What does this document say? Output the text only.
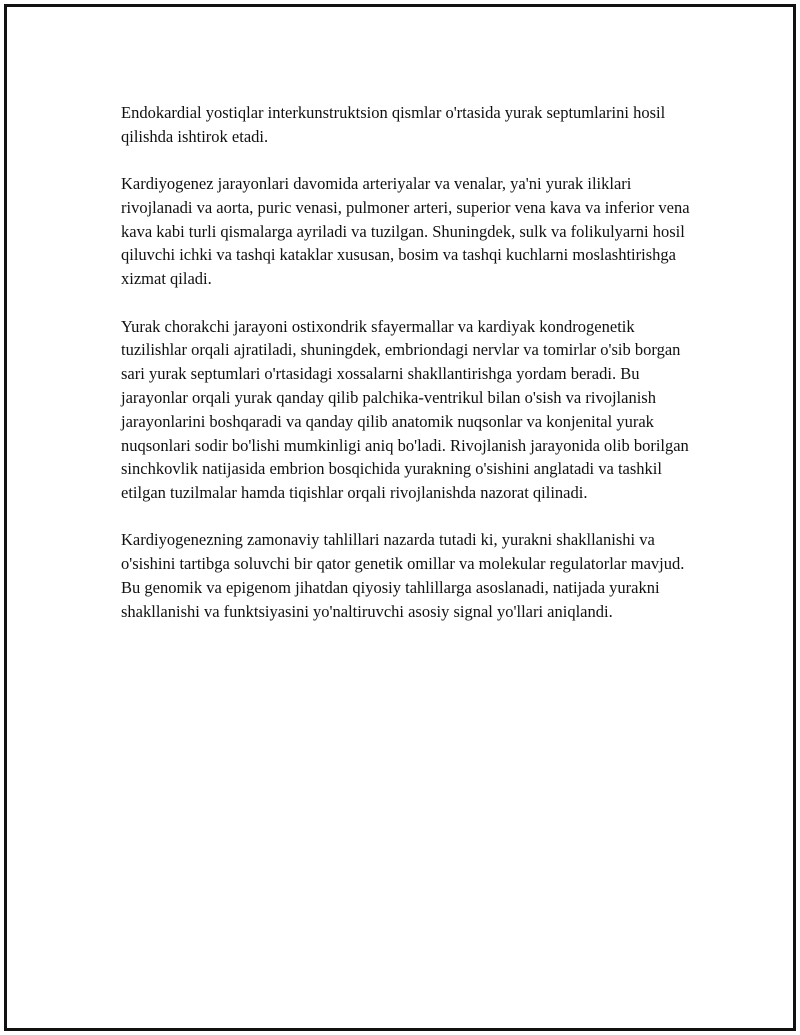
Endokardial yostiqlar interkunstruktsion qismlar o'rtasida yurak septumlarini hosil qilishda ishtirok etadi.

Kardiyogenez jarayonlari davomida arteriyalar va venalar, ya'ni yurak iliklari rivojlanadi va aorta, puric venasi, pulmoner arteri, superior vena kava va inferior vena kava kabi turli qismalarga ayriladi va tuzilgan. Shuningdek, sulk va folikulyarni hosil qiluvchi ichki va tashqi kataklar xususan, bosim va tashqi kuchlarni moslashtirishga xizmat qiladi.

Yurak chorakchi jarayoni ostixondrik sfayermallar va kardiyak kondrogenetik tuzilishlar orqali ajratiladi, shuningdek, embriondagi nervlar va tomirlar o'sib borgan sari yurak septumlari o'rtasidagi xossalarni shakllantirishga yordam beradi. Bu jarayonlar orqali yurak qanday qilib palchika-ventrikul bilan o'sish va rivojlanish jarayonlarini boshqaradi va qanday qilib anatomik nuqsonlar va konjenital yurak nuqsonlari sodir bo'lishi mumkinligi aniq bo'ladi. Rivojlanish jarayonida olib borilgan sinchkovlik natijasida embrion bosqichida yurakning o'sishini anglatadi va tashkil etilgan tuzilmalar hamda tiqishlar orqali rivojlanishda nazorat qilinadi.

Kardiyogenezning zamonaviy tahlillari nazarda tutadi ki, yurakni shakllanishi va o'sishini tartibga soluvchi bir qator genetik omillar va molekular regulatorlar mavjud. Bu genomik va epigenom jihatdan qiyosiy tahlillarga asoslanadi, natijada yurakni shakllanishi va funktsiyasini yo'naltiruvchi asosiy signal yo'llari aniqlandi.
